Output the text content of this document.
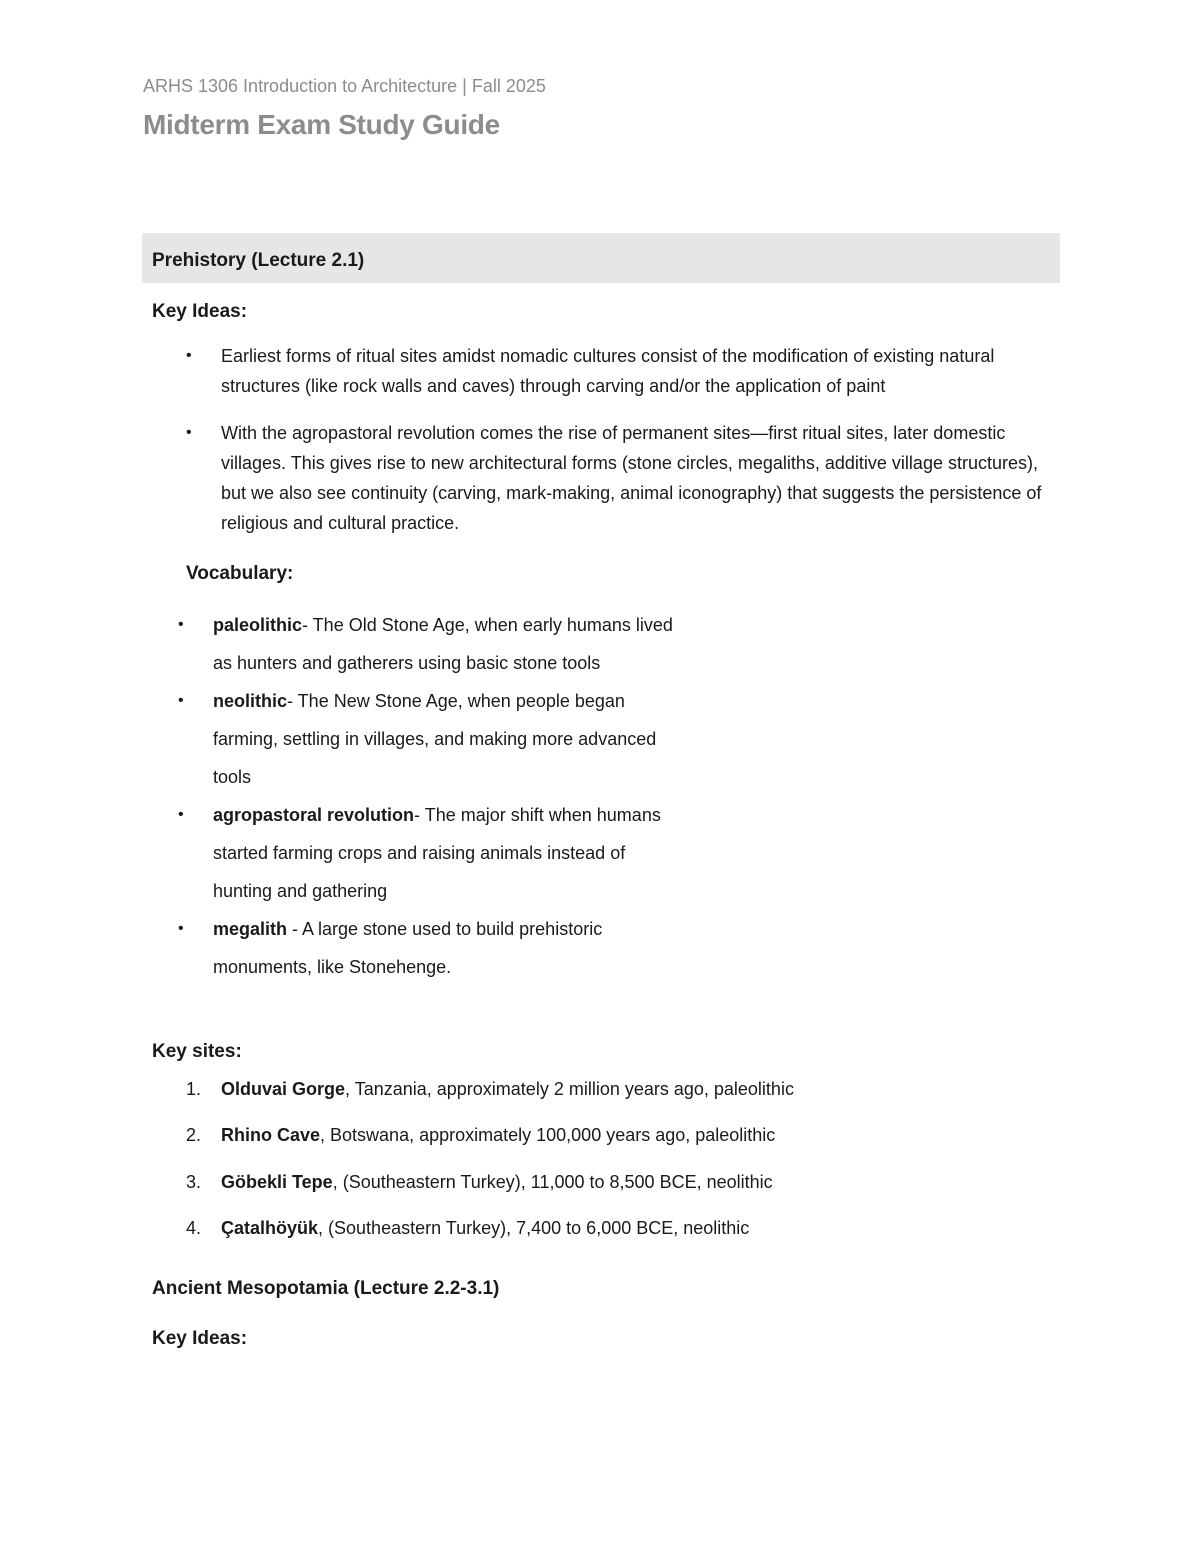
ARHS 1306 Introduction to Architecture | Fall 2025
Midterm Exam Study Guide
Prehistory (Lecture 2.1)
Key Ideas:
• Earliest forms of ritual sites amidst nomadic cultures consist of the modification of existing natural structures (like rock walls and caves) through carving and/or the application of paint
• With the agropastoral revolution comes the rise of permanent sites—first ritual sites, later domestic villages. This gives rise to new architectural forms (stone circles, megaliths, additive village structures), but we also see continuity (carving, mark-making, animal iconography) that suggests the persistence of religious and cultural practice.
Vocabulary:
• paleolithic- The Old Stone Age, when early humans lived as hunters and gatherers using basic stone tools
• neolithic- The New Stone Age, when people began farming, settling in villages, and making more advanced tools
• agropastoral revolution- The major shift when humans started farming crops and raising animals instead of hunting and gathering
• megalith - A large stone used to build prehistoric monuments, like Stonehenge.
Key sites:
1. Olduvai Gorge, Tanzania, approximately 2 million years ago, paleolithic
2. Rhino Cave, Botswana, approximately 100,000 years ago, paleolithic
3. Göbekli Tepe, (Southeastern Turkey), 11,000 to 8,500 BCE, neolithic
4. Çatalhöyük, (Southeastern Turkey), 7,400 to 6,000 BCE, neolithic
Ancient Mesopotamia (Lecture 2.2-3.1)
Key Ideas:
